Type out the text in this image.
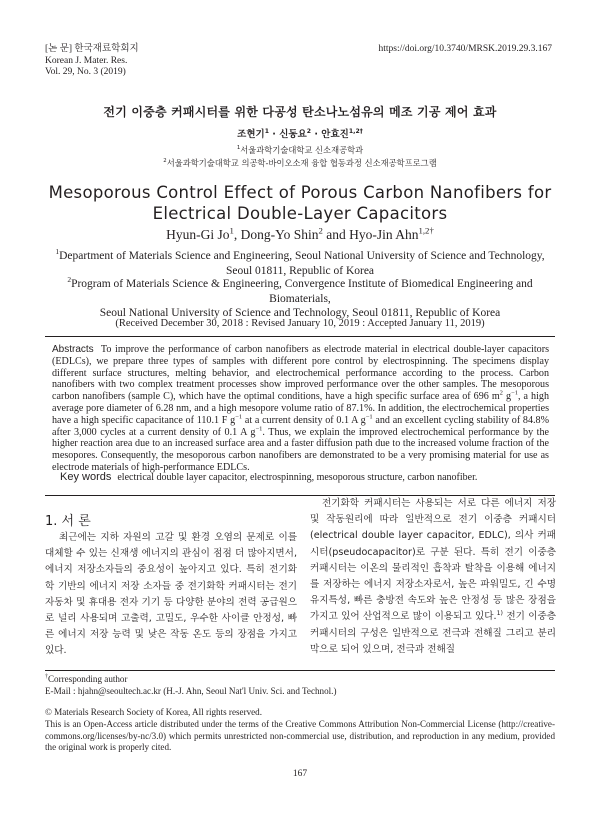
[논 문] 한국재료학회지
Korean J. Mater. Res.
Vol. 29, No. 3 (2019)
https://doi.org/10.3740/MRSK.2019.29.3.167
전기 이중층 커패시터를 위한 다공성 탄소나노섬유의 메조 기공 제어 효과
조현기$^1$ · 신동요$^2$ · 안효진$^{1,2\dagger}$
$^1$서울과학기술대학교 신소재공학과
$^2$서울과학기술대학교 의공학-바이오소재 융합 협동과정 신소재공학프로그램
Mesoporous Control Effect of Porous Carbon Nanofibers for
Electrical Double-Layer Capacitors
Hyun-Gi Jo$^1$, Dong-Yo Shin$^2$ and Hyo-Jin Ahn$^{1,2\dagger}$
$^1$Department of Materials Science and Engineering, Seoul National University of Science and Technology,
Seoul 01811, Republic of Korea
$^2$Program of Materials Science & Engineering, Convergence Institute of Biomedical Engineering and Biomaterials,
Seoul National University of Science and Technology, Seoul 01811, Republic of Korea
(Received December 30, 2018 : Revised January 10, 2019 : Accepted January 11, 2019)
Abstracts To improve the performance of carbon nanofibers as electrode material in electrical double-layer capacitors (EDLCs), we prepare three types of samples with different pore control by electrospinning. The specimens display different surface structures, melting behavior, and electrochemical performance according to the process. Carbon nanofibers with two complex treatment processes show improved performance over the other samples. The mesoporous carbon nanofibers (sample C), which have the optimal conditions, have a high specific surface area of 696 $m^2$ $g^{-1}$, a high average pore diameter of 6.28 nm, and a high mesopore volume ratio of 87.1%. In addition, the electrochemical properties have a high specific capacitance of 110.1 F $g^{-1}$ at a current density of 0.1 A $g^{-1}$ and an excellent cycling stability of 84.8% after 3,000 cycles at a current density of 0.1 A $g^{-1}$. Thus, we explain the improved electrochemical performance by the higher reaction area due to an increased surface area and a faster diffusion path due to the increased volume fraction of the mesopores. Consequently, the mesoporous carbon nanofibers are demonstrated to be a very promising material for use as electrode materials of high-performance EDLCs.
Key words electrical double layer capacitor, electrospinning, mesoporous structure, carbon nanofiber.
1. 서 론
최근에는 지하 자원의 고갈 및 환경 오염의 문제로 이를 대체할 수 있는 신재생 에너지의 관심이 점점 더 많아지면서, 에너지 저장소자들의 중요성이 높아지고 있다. 특히 전기화학 기반의 에너지 저장 소자들 중 전기화학 커패시터는 전기 자동차 및 휴대용 전자 기기 등 다양한 분야의 전력 공급원으로 널리 사용되며 고출력, 고밀도, 우수한 사이클 안정성, 빠른 에너지 저장 능력 및 낮은 작동 온도 등의 장점을 가지고 있다.
전기화학 커패시터는 사용되는 서로 다른 에너지 저장 및 작동원리에 따라 일반적으로 전기 이중층 커패시터(electrical double layer capacitor, EDLC), 의사 커패시터(pseudocapacitor)로 구분 된다. 특히 전기 이중층 커패시터는 이온의 물리적인 흡착과 탈착을 이용해 에너지를 저장하는 에너지 저장소자로서, 높은 파워밀도, 긴 수명 유지특성, 빠른 충방전 속도와 높은 안정성 등 많은 장점을 가지고 있어 산업적으로 많이 이용되고 있다.$^{1)}$ 전기 이중층 커패시터의 구성은 일반적으로 전극과 전해질 그리고 분리막으로 되어 있으며, 전극과 전해질
†Corresponding author
E-Mail : hjahn@seoultech.ac.kr (H.-J. Ahn, Seoul Nat'l Univ. Sci. and Technol.)
© Materials Research Society of Korea, All rights reserved.
This is an Open-Access article distributed under the terms of the Creative Commons Attribution Non-Commercial License (http://creative-commons.org/licenses/by-nc/3.0) which permits unrestricted non-commercial use, distribution, and reproduction in any medium, provided the original work is properly cited.
167
